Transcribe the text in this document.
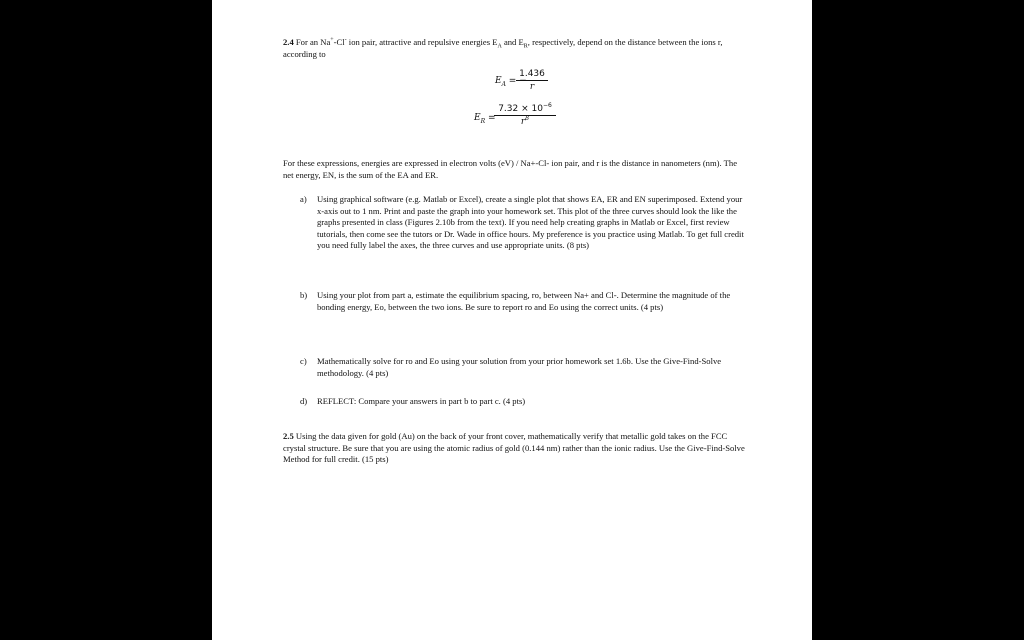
2.4 For an Na+-Cl- ion pair, attractive and repulsive energies $E_A$ and $E_R$, respectively, depend on the distance between the ions r, according to

$E_A$ = −
$\frac{1.436}{r}$
$E_R$ =
$\frac{7.32 \times 10^{-6}}{r^8}$

For these expressions, energies are expressed in electron volts (eV) / Na+-Cl- ion pair, and r is the distance in nanometers (nm). The net energy, EN, is the sum of the EA and ER.

a) Using graphical software (e.g. Matlab or Excel), create a single plot that shows EA, ER and EN superimposed. Extend your x-axis out to 1 nm. Print and paste the graph into your homework set. This plot of the three curves should look the like the graphs presented in class (Figures 2.10b from the text). If you need help creating graphs in Matlab or Excel, first review tutorials, then come see the tutors or Dr. Wade in office hours. My preference is you practice using Matlab. To get full credit you need fully label the axes, the three curves and use appropriate units. (8 pts)

b) Using your plot from part a, estimate the equilibrium spacing, ro, between Na+ and Cl-. Determine the magnitude of the bonding energy, Eo, between the two ions. Be sure to report ro and Eo using the correct units. (4 pts)

c) Mathematically solve for ro and Eo using your solution from your prior homework set 1.6b. Use the Give-Find-Solve methodology. (4 pts)

d) REFLECT: Compare your answers in part b to part c. (4 pts)

2.5 Using the data given for gold (Au) on the back of your front cover, mathematically verify that metallic gold takes on the FCC crystal structure. Be sure that you are using the atomic radius of gold (0.144 nm) rather than the ionic radius. Use the Give-Find-Solve Method for full credit. (15 pts)
